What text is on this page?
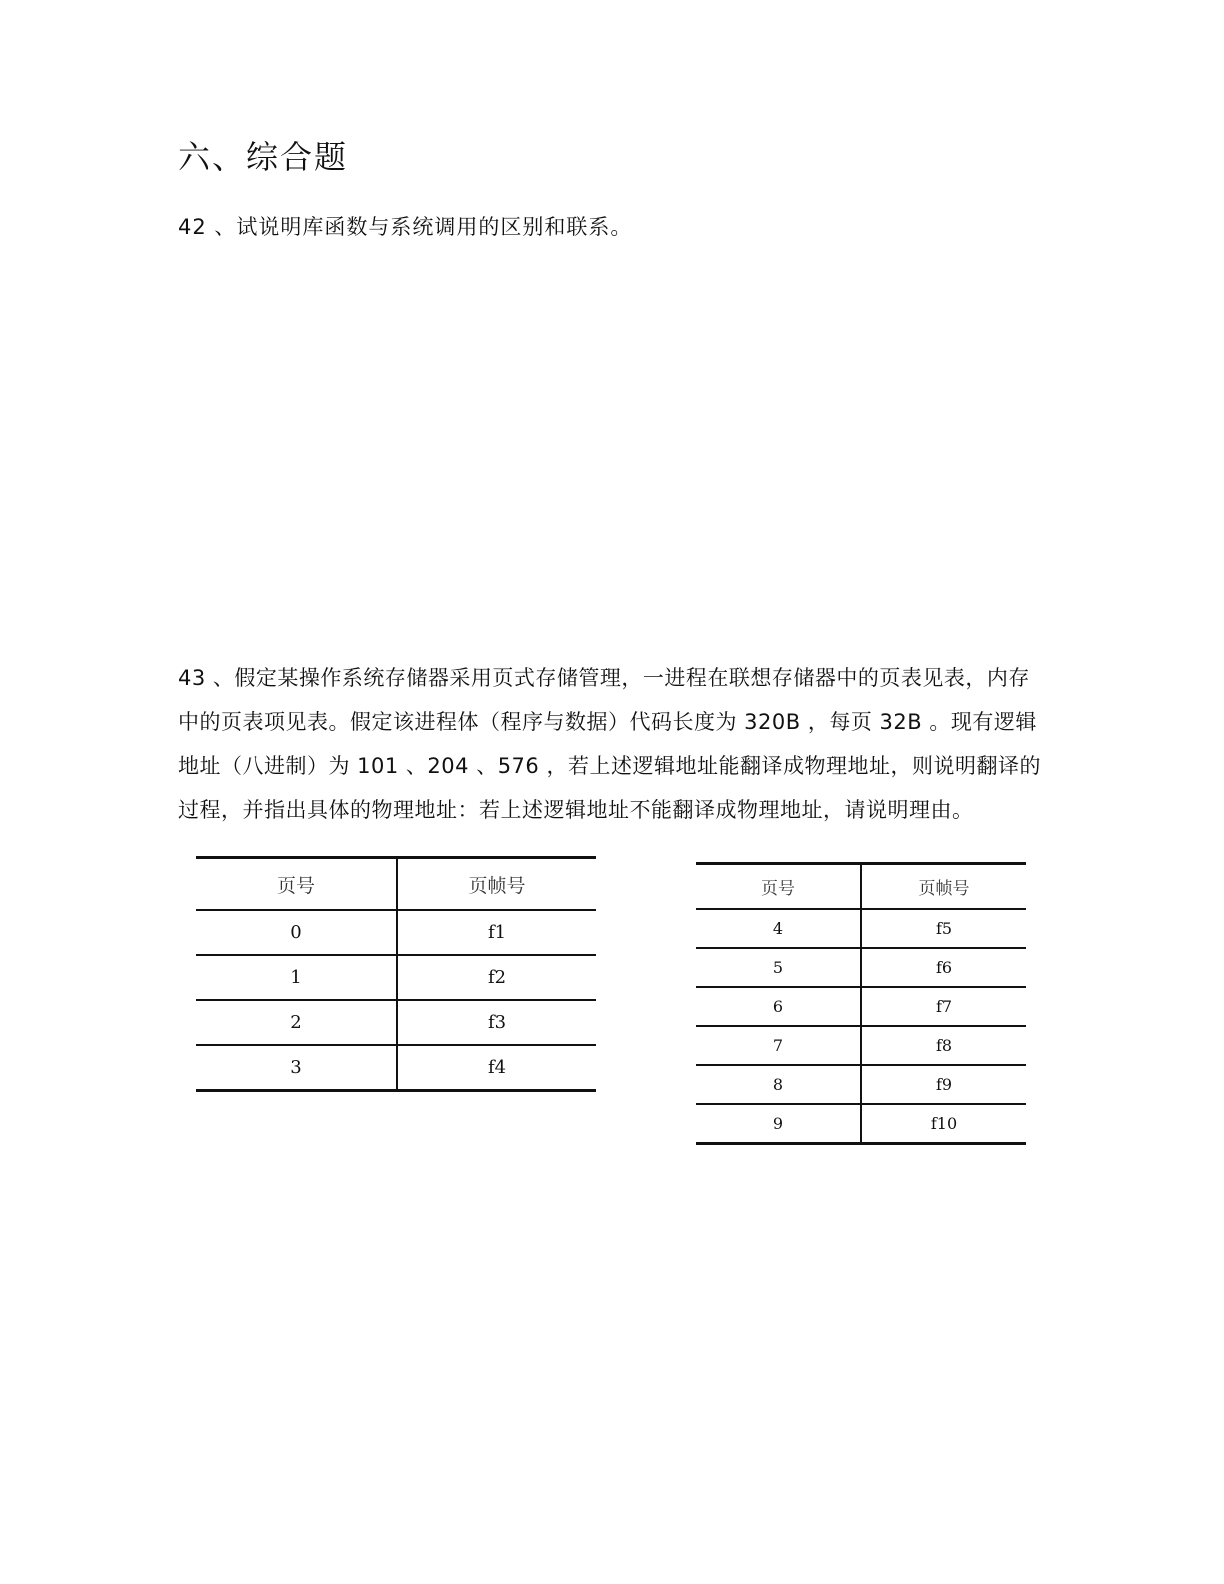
六、综合题
42 、试说明库函数与系统调用的区别和联系。
43 、假定某操作系统存储器采用页式存储管理，一进程在联想存储器中的页表见表，内存
中的页表项见表。假定该进程体（程序与数据）代码长度为 320B ，每页 32B 。现有逻辑
地址（八进制）为 101 、204 、576 ，若上述逻辑地址能翻译成物理地址，则说明翻译的
过程，并指出具体的物理地址：若上述逻辑地址不能翻译成物理地址，请说明理由。
页号	页帧号
0	f1
1	f2
2	f3
3	f4
页号	页帧号
4	f5
5	f6
6	f7
7	f8
8	f9
9	f10
